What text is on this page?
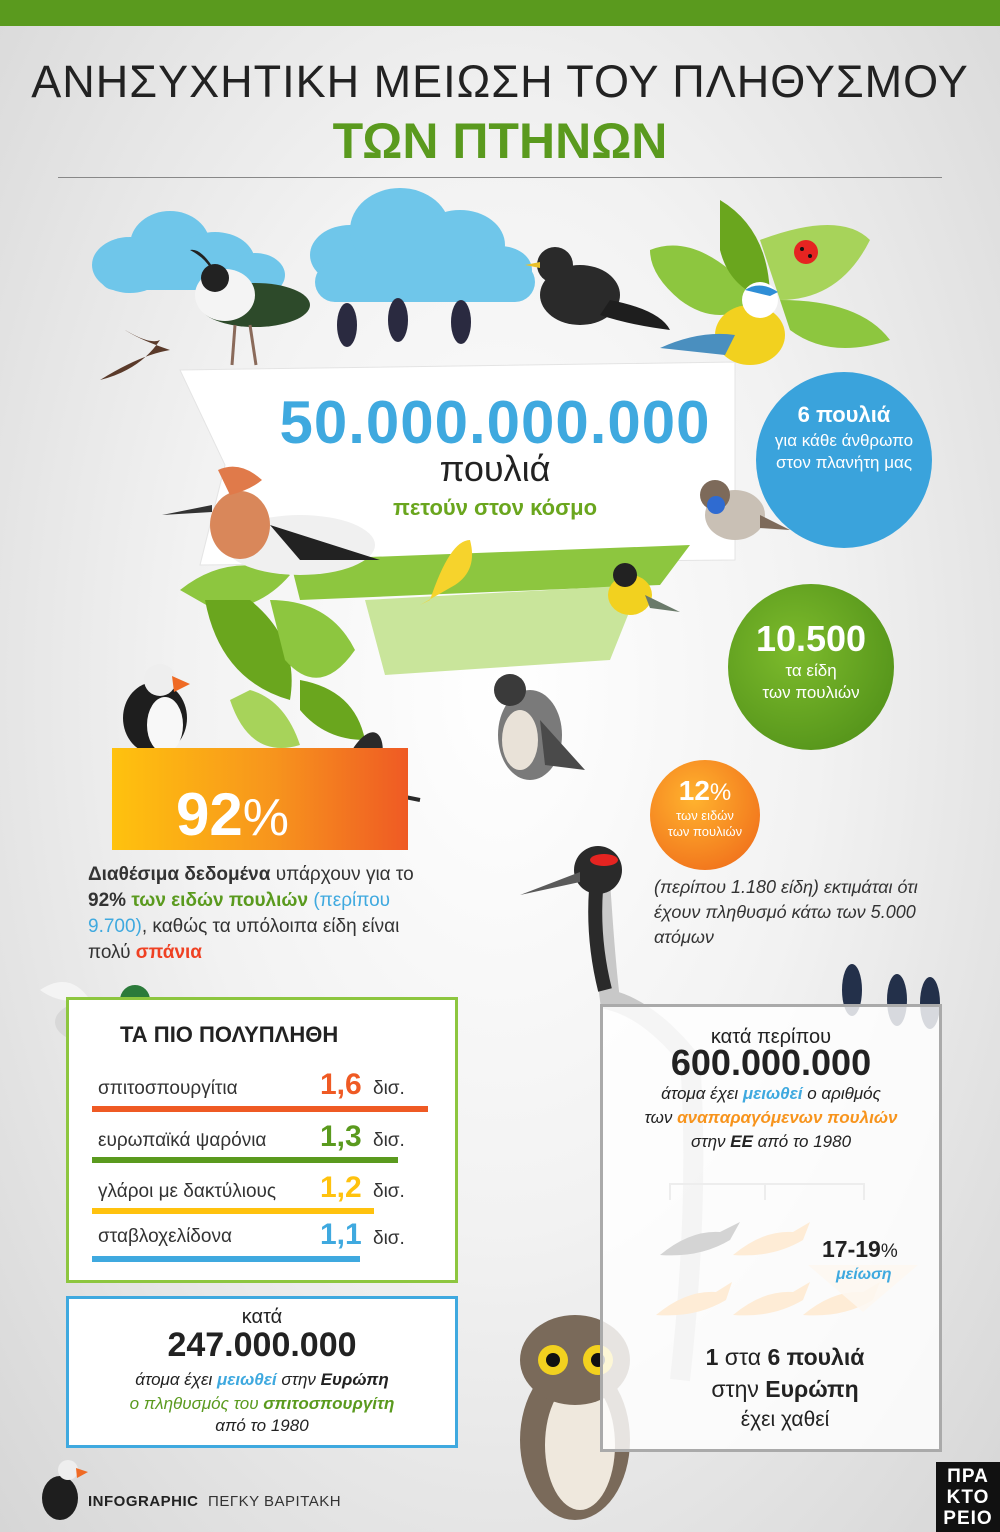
ΑΝΗΣΥΧΗΤΙΚΗ ΜΕΙΩΣΗ ΤΟΥ ΠΛΗΘΥΣΜΟΥ
ΤΩΝ ΠΤΗΝΩΝ
50.000.000.000
πουλιά
πετούν στον κόσμο
6 πουλιά
για κάθε άνθρωπο στον πλανήτη μας
10.500
τα είδη
των πουλιών
92%
Διαθέσιμα δεδομένα υπάρχουν για το 92% των ειδών πουλιών (περίπου 9.700), καθώς τα υπόλοιπα είδη είναι πολύ σπάνια
12%
των ειδών
των πουλιών
(περίπου 1.180 είδη) εκτιμάται ότι έχουν πληθυσμό κάτω των 5.000 ατόμων
ΤΑ ΠΙΟ ΠΟΛΥΠΛΗΘΗ
σπιτοσπουργίτια	1,6 δισ.
ευρωπαϊκά ψαρόνια 1,3 δισ.
γλάροι με δακτύλιους 1,2 δισ.
σταβλοχελίδονα	1,1 δισ.
κατά
247.000.000
άτομα έχει μειωθεί στην Ευρώπη
ο πληθυσμός του σπιτοσπουργίτη
από το 1980
κατά περίπου
600.000.000
άτομα έχει μειωθεί ο αριθμός
των αναπαραγόμενων πουλιών
στην ΕΕ από το 1980
17-19%
μείωση
1 στα 6 πουλιά
στην Ευρώπη
έχει χαθεί
INFOGRAPHIC ΠΕΓΚΥ ΒΑΡΙΤΑΚΗ
ΠΡΑ
ΚΤΟ
ΡΕΙΟ
